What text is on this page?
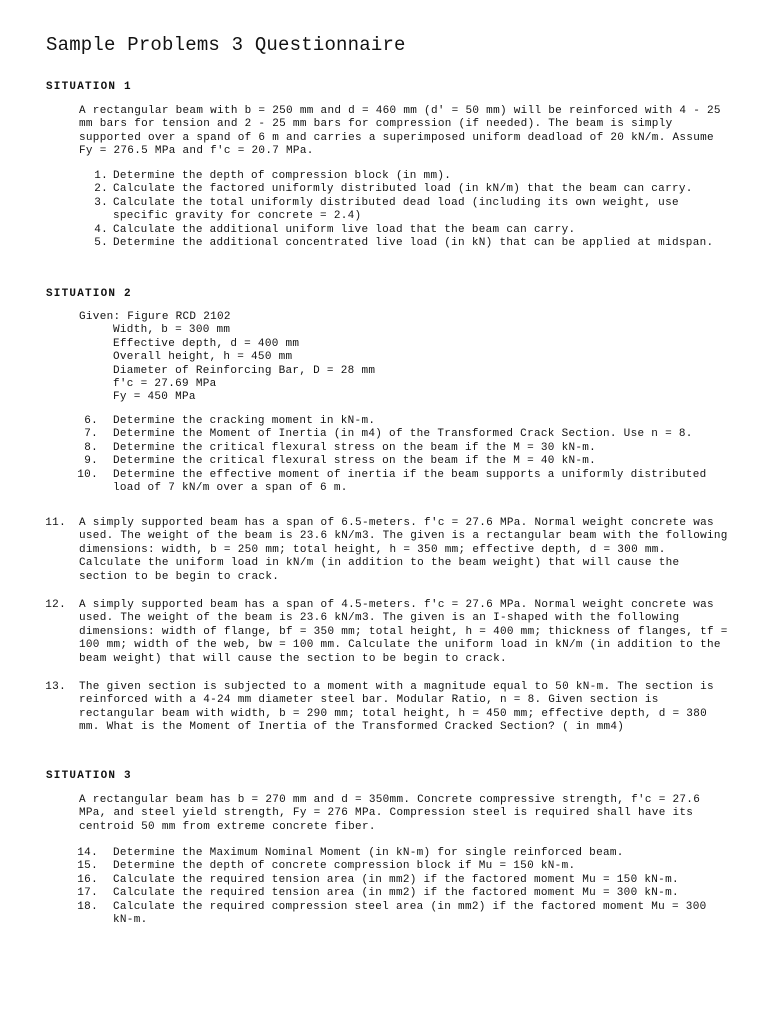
Sample Problems 3 Questionnaire
SITUATION 1

A rectangular beam with b = 250 mm and d = 460 mm (d' = 50 mm) will be reinforced with 4 - 25 mm bars for tension and 2 - 25 mm bars for compression (if needed). The beam is simply supported over a spand of 6 m and carries a superimposed uniform deadload of 20 kN/m. Assume Fy = 276.5 MPa and f'c = 20.7 MPa.

1. Determine the depth of compression block (in mm).
2. Calculate the factored uniformly distributed load (in kN/m) that the beam can carry.
3. Calculate the total uniformly distributed dead load (including its own weight, use specific gravity for concrete = 2.4)
4. Calculate the additional uniform live load that the beam can carry.
5. Determine the additional concentrated live load (in kN) that can be applied at midspan.
SITUATION 2
Given: Figure RCD 2102
Width, b = 300 mm
Effective depth, d = 400 mm
Overall height, h = 450 mm
Diameter of Reinforcing Bar, D = 28 mm
f'c = 27.69 MPa
Fy = 450 MPa
6. Determine the cracking moment in kN-m.
7. Determine the Moment of Inertia (in m4) of the Transformed Crack Section. Use n = 8.
8. Determine the critical flexural stress on the beam if the M = 30 kN-m.
9. Determine the critical flexural stress on the beam if the M = 40 kN-m.
10. Determine the effective moment of inertia if the beam supports a uniformly distributed load of 7 kN/m over a span of 6 m.
11. A simply supported beam has a span of 6.5-meters. f'c = 27.6 MPa. Normal weight concrete was used. The weight of the beam is 23.6 kN/m3. The given is a rectangular beam with the following dimensions: width, b = 250 mm; total height, h = 350 mm; effective depth, d = 300 mm. Calculate the uniform load in kN/m (in addition to the beam weight) that will cause the section to be begin to crack.
12. A simply supported beam has a span of 4.5-meters. f'c = 27.6 MPa. Normal weight concrete was used. The weight of the beam is 23.6 kN/m3. The given is an I-shaped with the following dimensions: width of flange, bf = 350 mm; total height, h = 400 mm; thickness of flanges, tf = 100 mm; width of the web, bw = 100 mm. Calculate the uniform load in kN/m (in addition to the beam weight) that will cause the section to be begin to crack.
13. The given section is subjected to a moment with a magnitude equal to 50 kN-m. The section is reinforced with a 4-24 mm diameter steel bar. Modular Ratio, n = 8. Given section is rectangular beam with width, b = 290 mm; total height, h = 450 mm; effective depth, d = 380 mm. What is the Moment of Inertia of the Transformed Cracked Section? ( in mm4)
SITUATION 3

A rectangular beam has b = 270 mm and d = 350mm. Concrete compressive strength, f'c = 27.6 MPa, and steel yield strength, Fy = 276 MPa. Compression steel is required shall have its centroid 50 mm from extreme concrete fiber.

14. Determine the Maximum Nominal Moment (in kN-m) for single reinforced beam.
15. Determine the depth of concrete compression block if Mu = 150 kN-m.
16. Calculate the required tension area (in mm2) if the factored moment Mu = 150 kN-m.
17. Calculate the required tension area (in mm2) if the factored moment Mu = 300 kN-m.
18. Calculate the required compression steel area (in mm2) if the factored moment Mu = 300 kN-m.
